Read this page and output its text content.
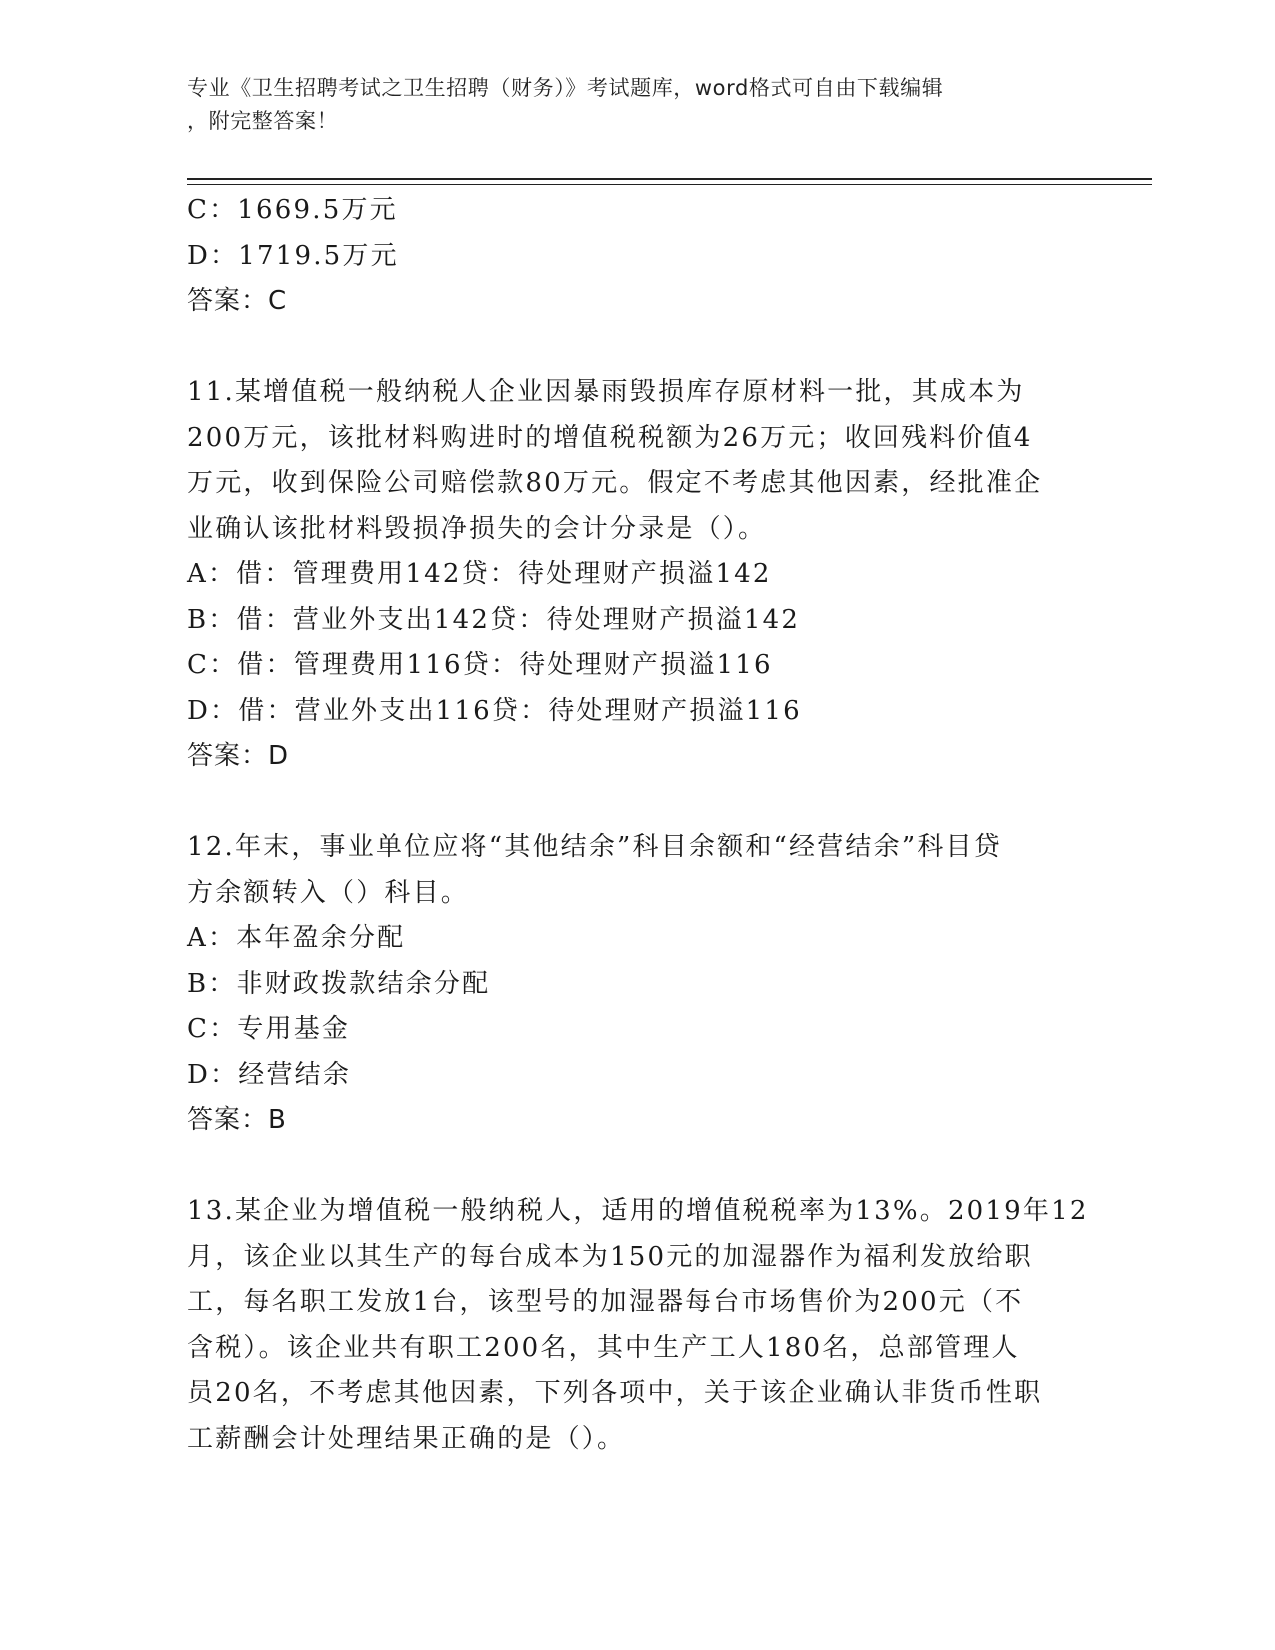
专业《卫生招聘考试之卫生招聘（财务）》考试题库，word格式可自由下载编辑
，附完整答案！
C：1669.5万元
D：1719.5万元
答案：C
11.某增值税一般纳税人企业因暴雨毁损库存原材料一批，其成本为
200万元，该批材料购进时的增值税税额为26万元；收回残料价值4
万元，收到保险公司赔偿款80万元。假定不考虑其他因素，经批准企
业确认该批材料毁损净损失的会计分录是（）。
A：借：管理费用142贷：待处理财产损溢142
B：借：营业外支出142贷：待处理财产损溢142
C：借：管理费用116贷：待处理财产损溢116
D：借：营业外支出116贷：待处理财产损溢116
答案：D
12.年末，事业单位应将“其他结余”科目余额和“经营结余”科目贷
方余额转入（）科目。
A：本年盈余分配
B：非财政拨款结余分配
C：专用基金
D：经营结余
答案：B
13.某企业为增值税一般纳税人，适用的增值税税率为13%。2019年12
月，该企业以其生产的每台成本为150元的加湿器作为福利发放给职
工，每名职工发放1台，该型号的加湿器每台市场售价为200元（不
含税）。该企业共有职工200名，其中生产工人180名，总部管理人
员20名，不考虑其他因素，下列各项中，关于该企业确认非货币性职
工薪酬会计处理结果正确的是（）。
